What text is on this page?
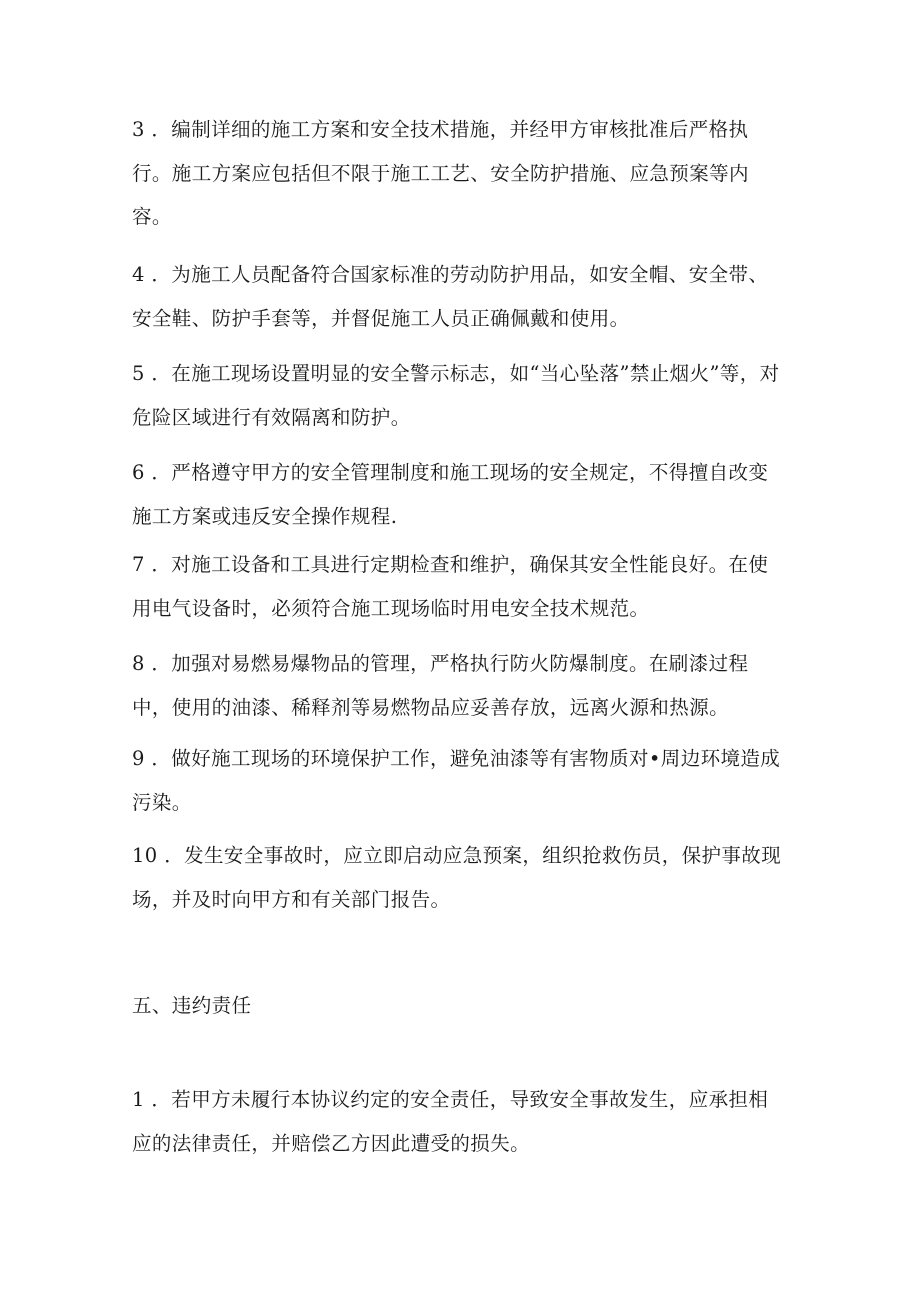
3 ．编制详细的施工方案和安全技术措施，并经甲方审核批准后严格执行。施工方案应包括但不限于施工工艺、安全防护措施、应急预案等内容。

4 ．为施工人员配备符合国家标准的劳动防护用品，如安全帽、安全带、安全鞋、防护手套等，并督促施工人员正确佩戴和使用。

5 ．在施工现场设置明显的安全警示标志，如“当心坠落”禁止烟火”等，对危险区域进行有效隔离和防护。

6 ．严格遵守甲方的安全管理制度和施工现场的安全规定，不得擅自改变施工方案或违反安全操作规程.

7 ．对施工设备和工具进行定期检查和维护，确保其安全性能良好。在使用电气设备时，必须符合施工现场临时用电安全技术规范。

8 ．加强对易燃易爆物品的管理，严格执行防火防爆制度。在刷漆过程中，使用的油漆、稀释剂等易燃物品应妥善存放，远离火源和热源。

9 ．做好施工现场的环境保护工作，避免油漆等有害物质对•周边环境造成污染。

10 ．发生安全事故时，应立即启动应急预案，组织抢救伤员，保护事故现场，并及时向甲方和有关部门报告。

五、违约责任

1 ．若甲方未履行本协议约定的安全责任，导致安全事故发生，应承担相应的法律责任，并赔偿乙方因此遭受的损失。
